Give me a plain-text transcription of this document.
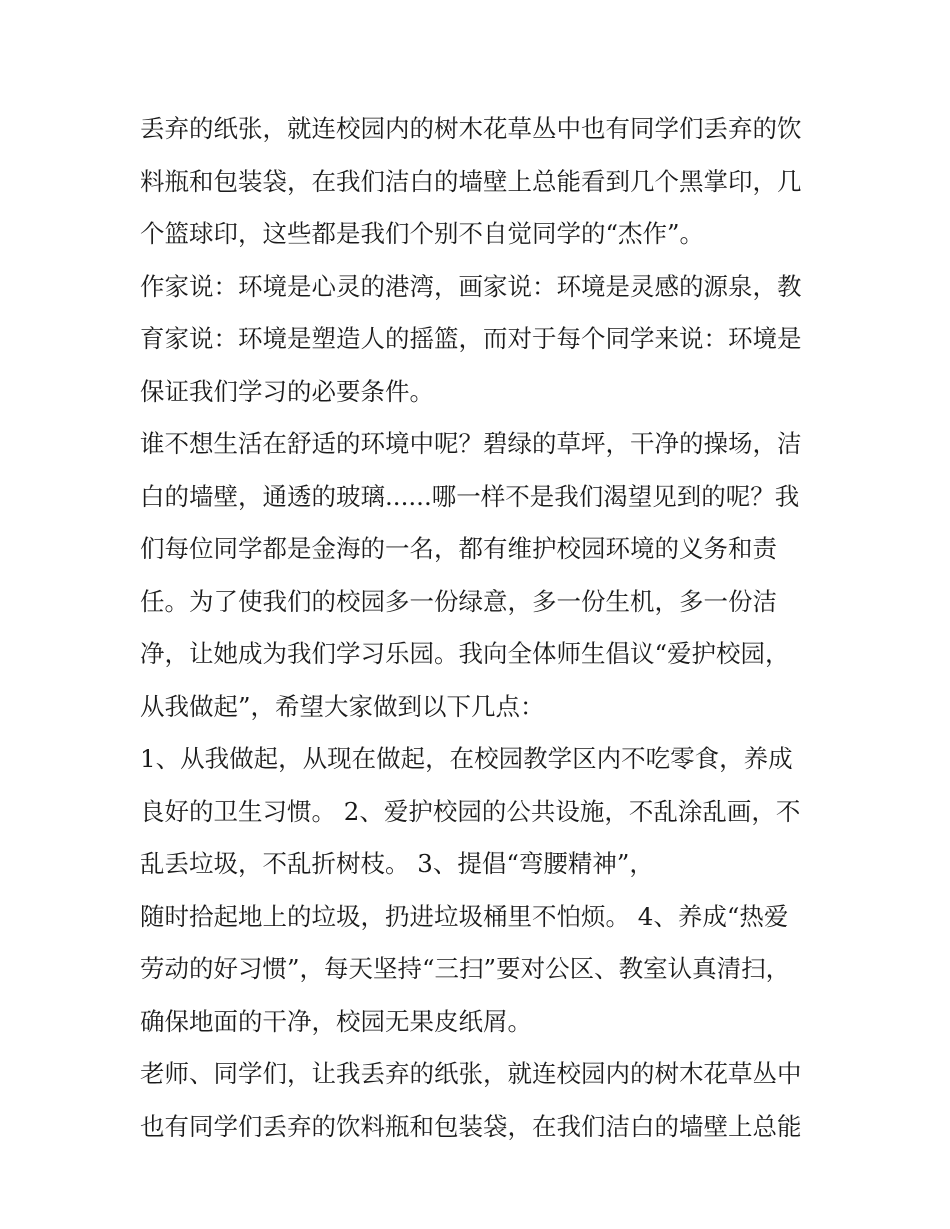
丢弃的纸张，就连校园内的树木花草丛中也有同学们丢弃的饮
料瓶和包装袋，在我们洁白的墙壁上总能看到几个黑掌印，几
个篮球印，这些都是我们个别不自觉同学的“杰作”。
作家说：环境是心灵的港湾，画家说：环境是灵感的源泉，教
育家说：环境是塑造人的摇篮，而对于每个同学来说：环境是
保证我们学习的必要条件。
谁不想生活在舒适的环境中呢？碧绿的草坪，干净的操场，洁
白的墙壁，通透的玻璃......哪一样不是我们渴望见到的呢？我
们每位同学都是金海的一名，都有维护校园环境的义务和责
任。为了使我们的校园多一份绿意，多一份生机，多一份洁
净，让她成为我们学习乐园。我向全体师生倡议“爱护校园，
从我做起”，希望大家做到以下几点：
1、从我做起，从现在做起，在校园教学区内不吃零食，养成
良好的卫生习惯。 2、爱护校园的公共设施，不乱涂乱画，不
乱丢垃圾，不乱折树枝。 3、提倡“弯腰精神”，
随时拾起地上的垃圾，扔进垃圾桶里不怕烦。 4、养成“热爱
劳动的好习惯”，每天坚持“三扫”要对公区、教室认真清扫，
确保地面的干净，校园无果皮纸屑。
老师、同学们，让我丢弃的纸张，就连校园内的树木花草丛中
也有同学们丢弃的饮料瓶和包装袋，在我们洁白的墙壁上总能
